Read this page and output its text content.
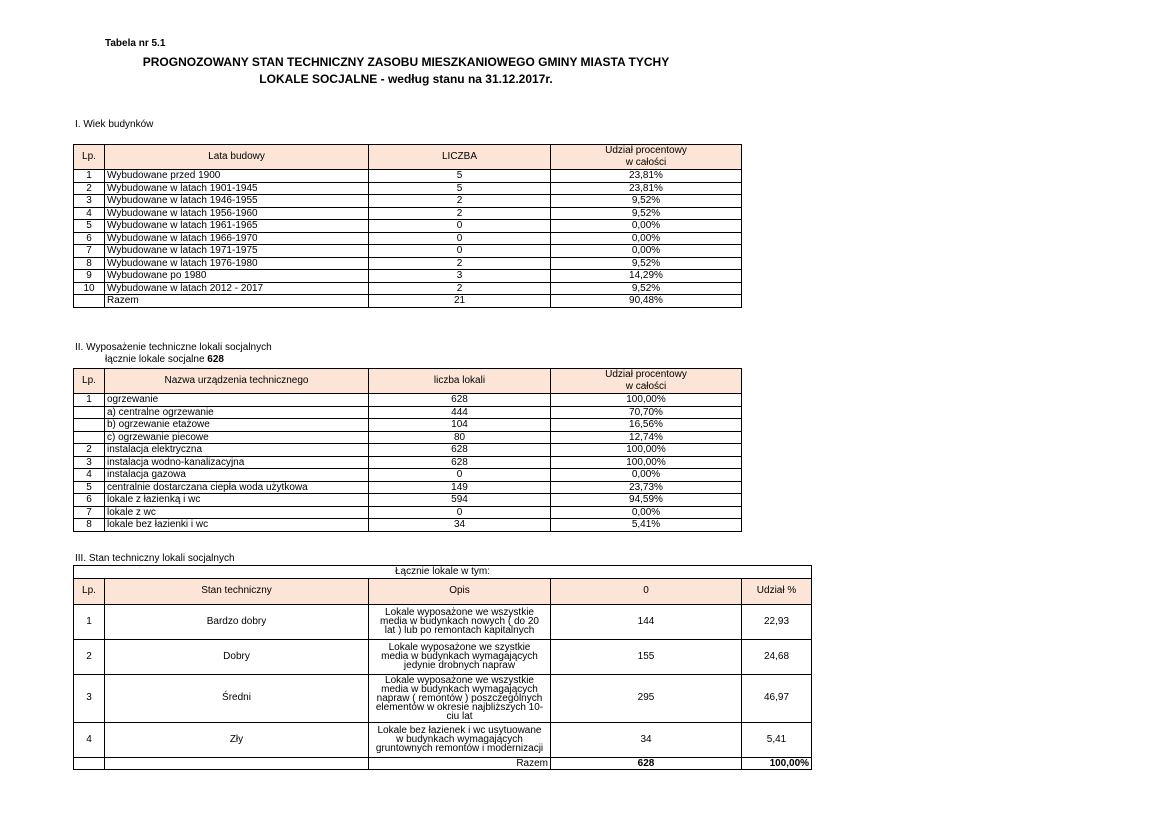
Tabela nr 5.1
PROGNOZOWANY STAN TECHNICZNY ZASOBU MIESZKANIOWEGO GMINY MIASTA TYCHY
LOKALE SOCJALNE - według stanu na 31.12.2017r.
I. Wiek budynków
Lp.	Lata budowy	LICZBA	Udział procentowy
w całości
1	Wybudowane przed 1900	5	23,81%
2	Wybudowane w latach 1901-1945	5	23,81%
3	Wybudowane w latach 1946-1955	2	9,52%
4	Wybudowane w latach 1956-1960	2	9,52%
5	Wybudowane w latach 1961-1965	0	0,00%
6	Wybudowane w latach 1966-1970	0	0,00%
7	Wybudowane w latach 1971-1975	0	0,00%
8	Wybudowane w latach 1976-1980	2	9,52%
9	Wybudowane po 1980	3	14,29%
10	Wybudowane w latach 2012 - 2017	2	9,52%
	Razem	21	90,48%
II. Wyposażenie techniczne lokali socjalnych
łącznie lokale socjalne 628
Lp.	Nazwa urządzenia technicznego	liczba lokali	Udział procentowy
w całości
1	ogrzewanie	628	100,00%
	a) centralne ogrzewanie	444	70,70%
	b) ogrzewanie etażowe	104	16,56%
	c) ogrzewanie piecowe	80	12,74%
2	instalacja elektryczna	628	100,00%
3	instalacja wodno-kanalizacyjna	628	100,00%
4	instalacja gazowa	0	0,00%
5	centralnie dostarczana ciepła woda użytkowa	149	23,73%
6	lokale z łazienką i wc	594	94,59%
7	lokale z wc	0	0,00%
8	lokale bez łazienki i wc	34	5,41%
III. Stan techniczny lokali socjalnych
Łącznie lokale w tym:				
Lp.	Stan techniczny	Opis	0	Udział %
1	Bardzo dobry	Lokale wyposażone we wszystkie media w budynkach nowych ( do 20 lat ) lub po remontach kapitalnych	144	22,93
2	Dobry	Lokale wyposażone we szystkie media w budynkach wymagających jedynie drobnych napraw	155	24,68
3	Średni	Lokale wyposażone we wszystkie media w budynkach wymagających napraw ( remontów ) poszczególnych elementów w okresie najbliższych 10-ciu lat	295	46,97
4	Zły	Lokale bez łazienek i wc usytuowane w budynkach wymagających gruntownych remontów i modernizacji	34	5,41
		Razem	628	100,00%
